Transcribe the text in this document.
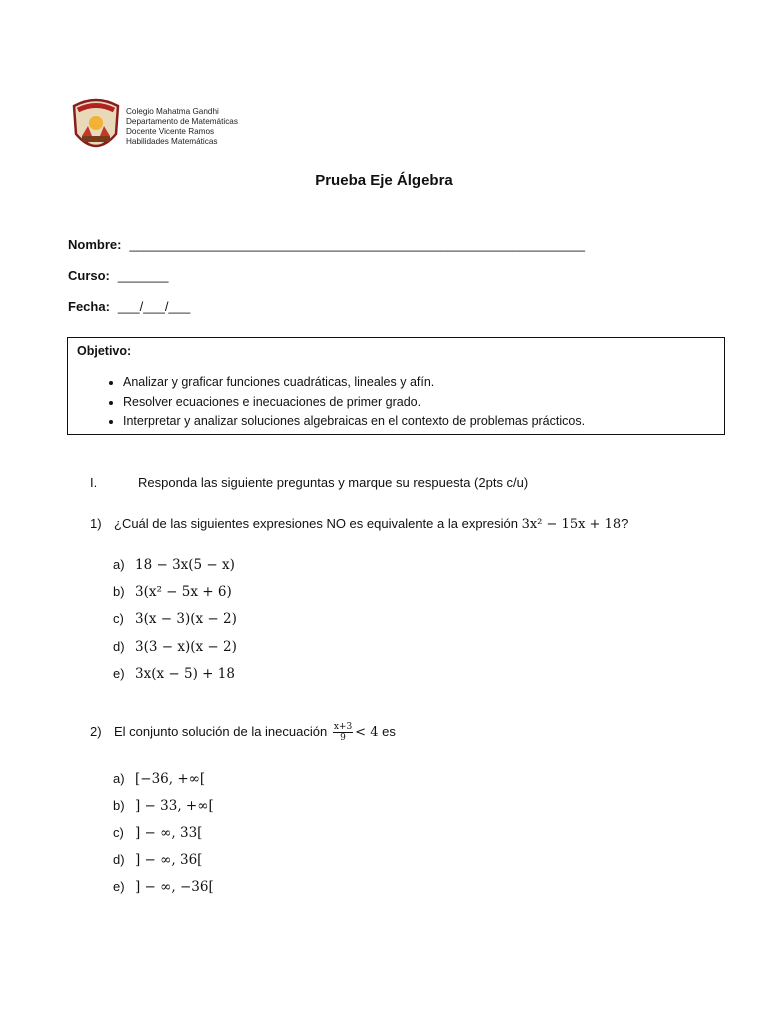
Colegio Mahatma Gandhi
Departamento de Matemáticas
Docente Vicente Ramos
Habilidades Matemáticas
Prueba Eje Álgebra
Nombre: _______________________________________________________________
Curso: _______
Fecha: ___/___/___
Objetivo:
• Analizar y graficar funciones cuadráticas, lineales y afín.
• Resolver ecuaciones e inecuaciones de primer grado.
• Interpretar y analizar soluciones algebraicas en el contexto de problemas prácticos.
I.	Responda las siguiente preguntas y marque su respuesta (2pts c/u)
1) ¿Cuál de las siguientes expresiones NO es equivalente a la expresión 3x² − 15x + 18?
a) 18 − 3x(5 − x)
b) 3(x² − 5x + 6)
c) 3(x − 3)(x − 2)
d) 3(3 − x)(x − 2)
e) 3x(x − 5) + 18
2) El conjunto solución de la inecuación $\frac{x+3}{9} < 4$ es
a) [−36, +∞[
b) ] − 33, +∞[
c) ] − ∞, 33[
d) ] − ∞, 36[
e) ] − ∞, −36[
